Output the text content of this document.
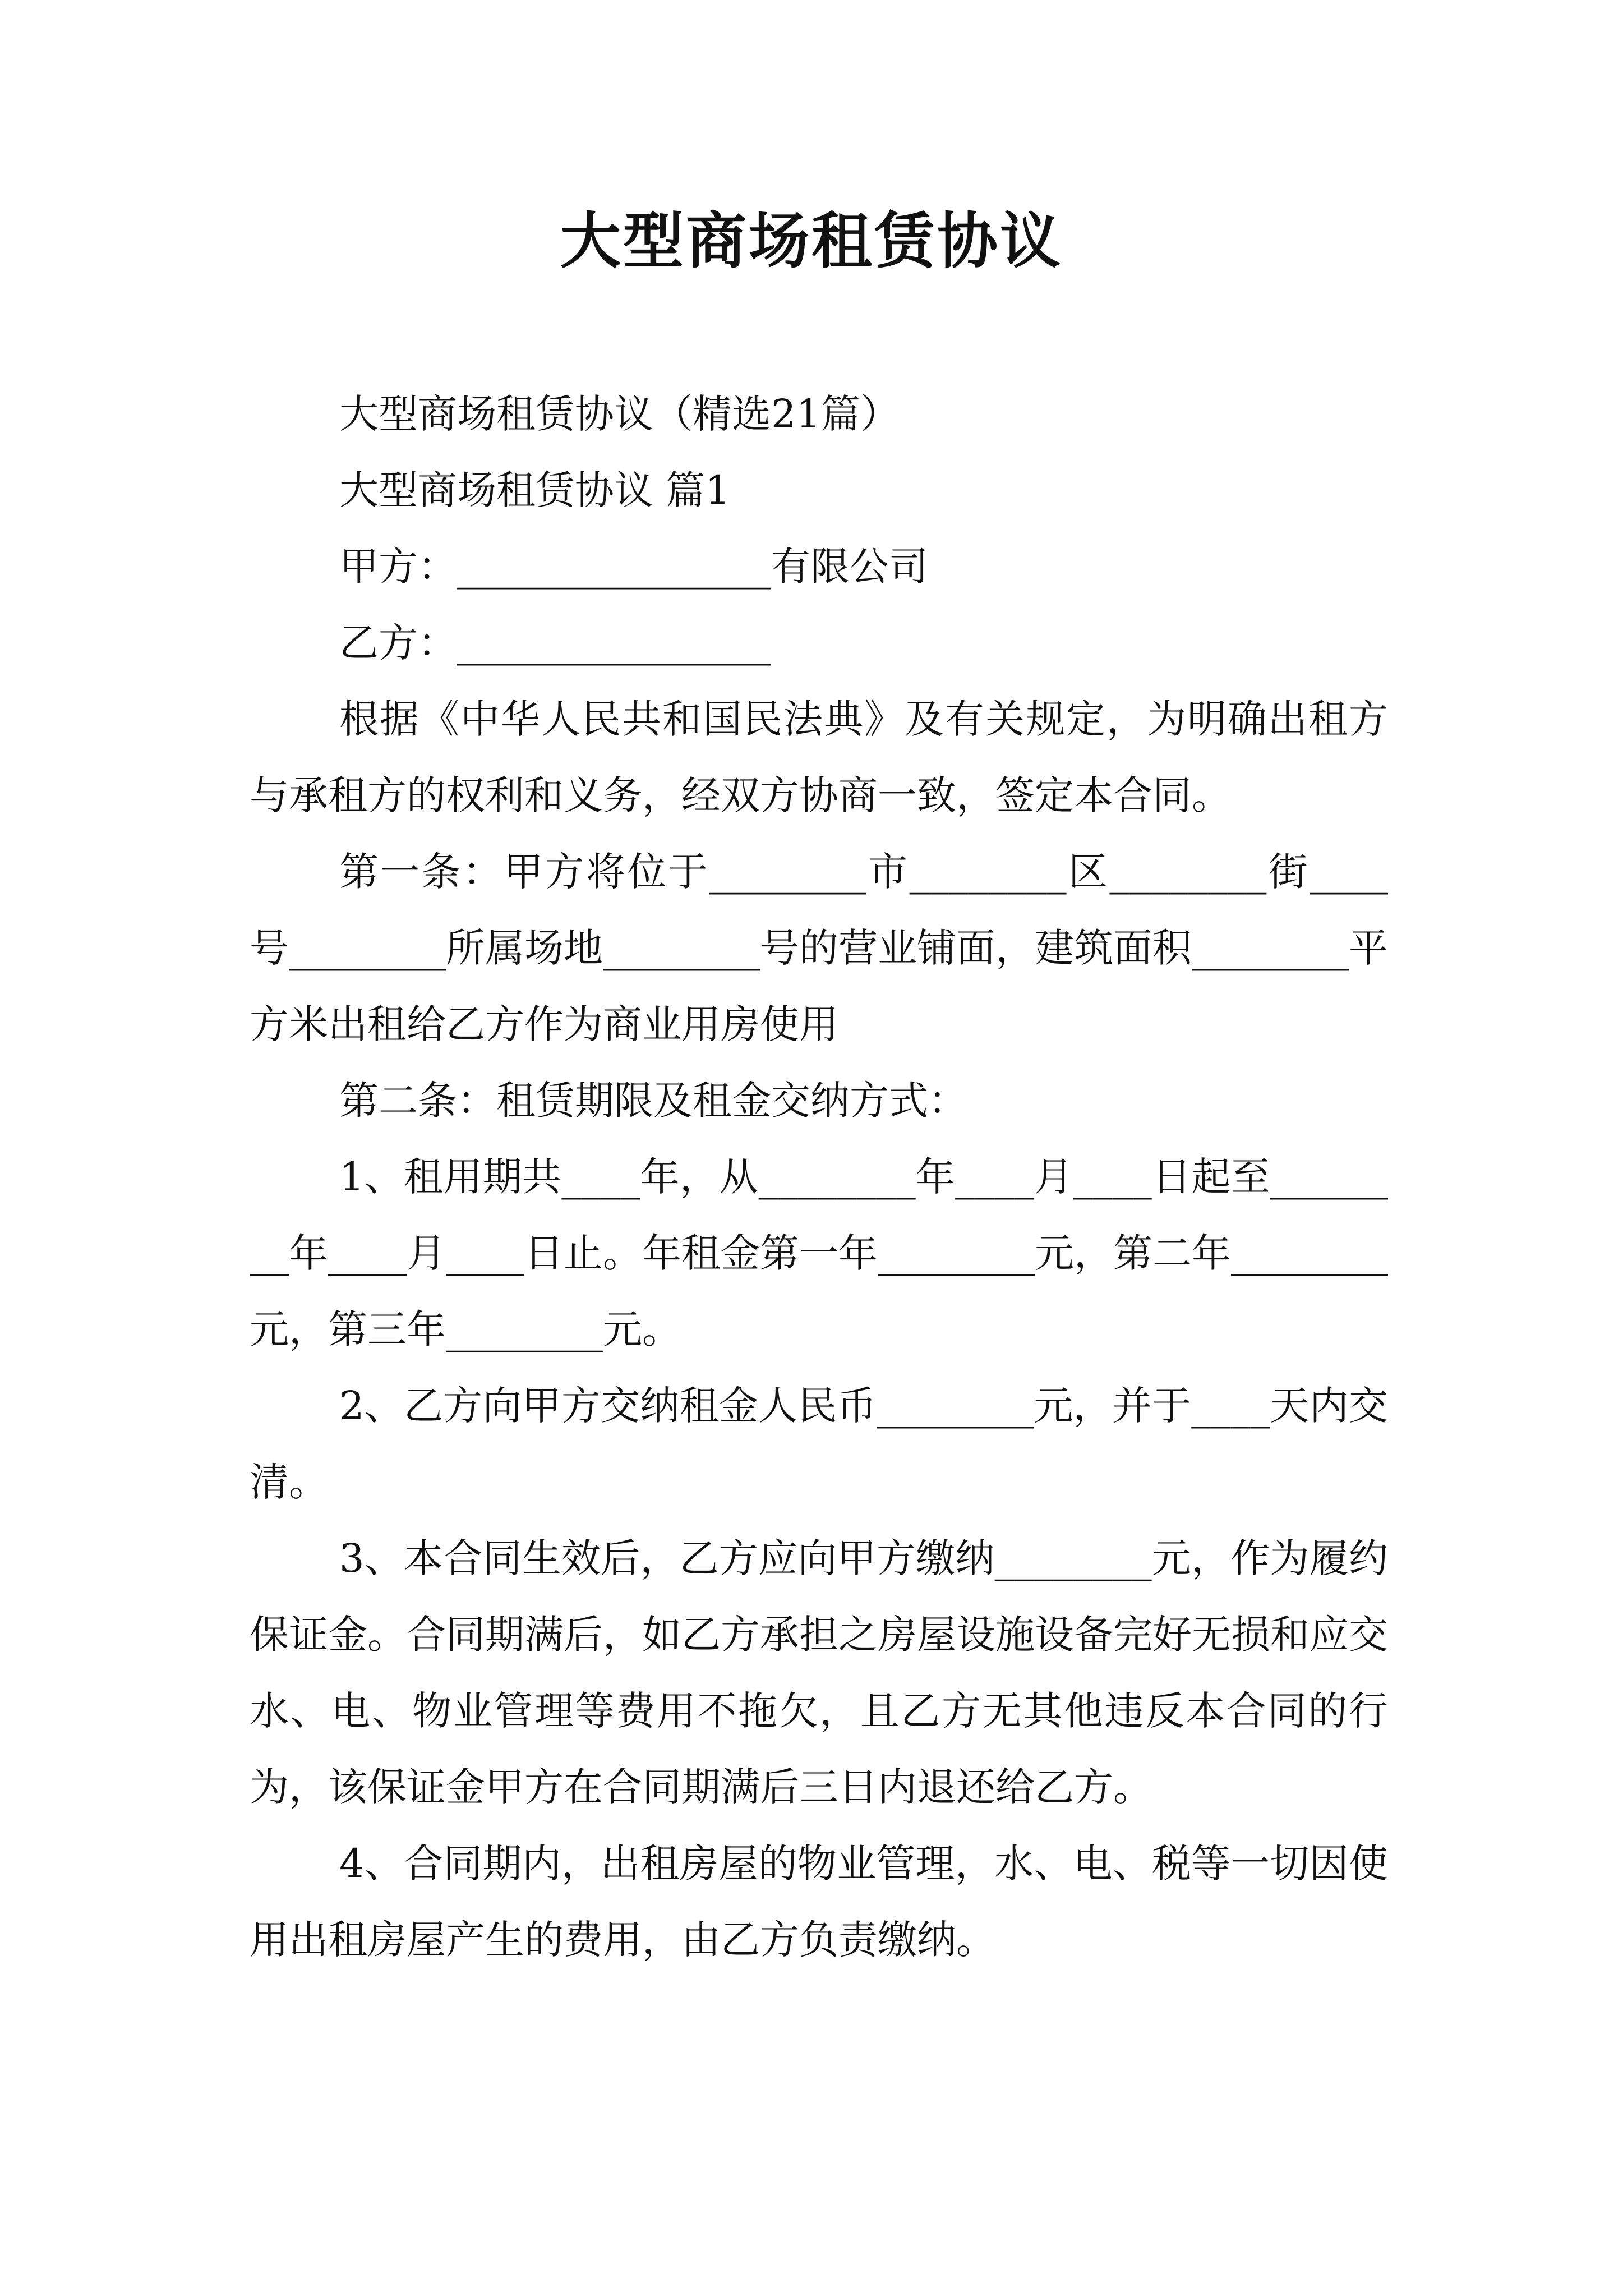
大型商场租赁协议

大型商场租赁协议（精选21篇）

大型商场租赁协议 篇1

甲方：________________有限公司

乙方：________________

根据《中华人民共和国民法典》及有关规定，为明确出租方与承租方的权利和义务，经双方协商一致，签定本合同。

第一条：甲方将位于________市________区________街____号________所属场地________号的营业铺面，建筑面积________平方米出租给乙方作为商业用房使用

第二条：租赁期限及租金交纳方式：

1、租用期共____年，从________年____月____日起至________年____月____日止。年租金第一年________元，第二年________元，第三年________元。

2、乙方向甲方交纳租金人民币________元，并于____天内交清。

3、本合同生效后，乙方应向甲方缴纳________元，作为履约保证金。合同期满后，如乙方承担之房屋设施设备完好无损和应交水、电、物业管理等费用不拖欠，且乙方无其他违反本合同的行为，该保证金甲方在合同期满后三日内退还给乙方。

4、合同期内，出租房屋的物业管理，水、电、税等一切因使用出租房屋产生的费用，由乙方负责缴纳。
